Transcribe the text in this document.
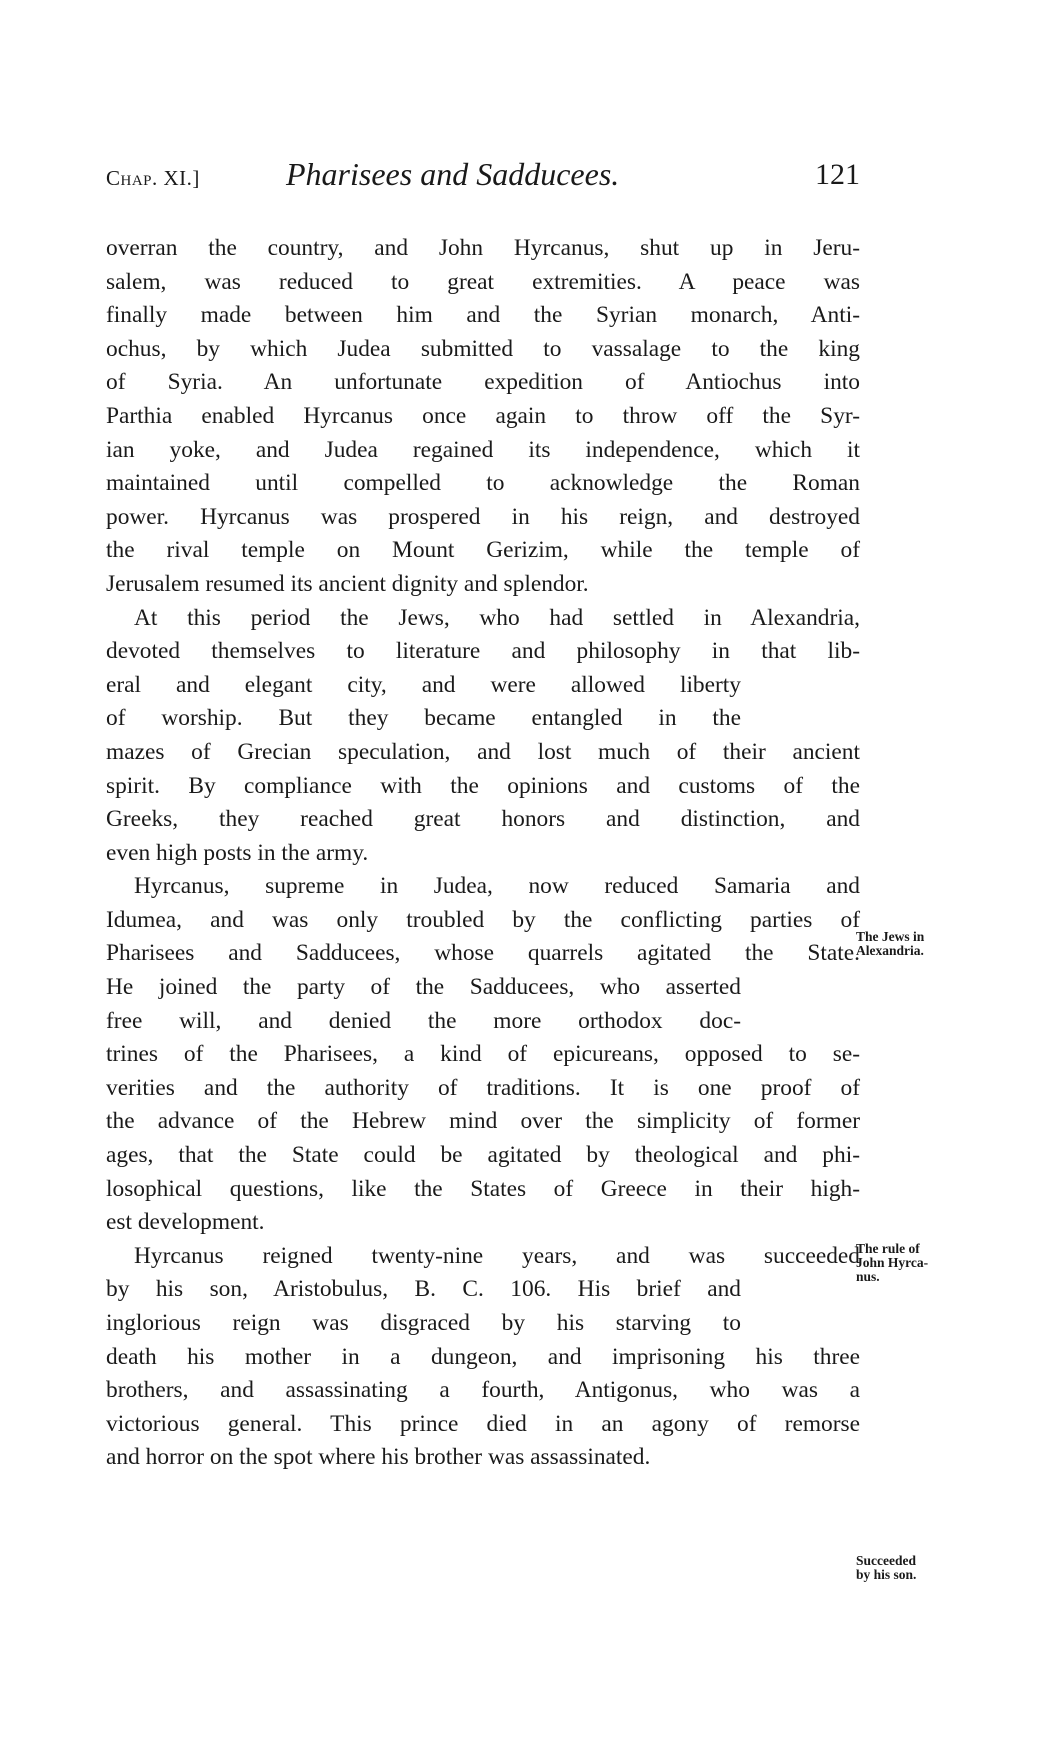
Chap. XI.]	Pharisees and Sadducees.	121
overran the country, and John Hyrcanus, shut up in Jeru-
salem, was reduced to great extremities. A peace was
finally made between him and the Syrian monarch, Anti-
ochus, by which Judea submitted to vassalage to the king
of Syria. An unfortunate expedition of Antiochus into
Parthia enabled Hyrcanus once again to throw off the Syr-
ian yoke, and Judea regained its independence, which it
maintained until compelled to acknowledge the Roman
power. Hyrcanus was prospered in his reign, and destroyed
the rival temple on Mount Gerizim, while the temple of
Jerusalem resumed its ancient dignity and splendor.
At this period the Jews, who had settled in Alexandria,
devoted themselves to literature and philosophy in that lib-
eral and elegant city, and were allowed liberty
of worship. But they became entangled in the
mazes of Grecian speculation, and lost much of their ancient
spirit. By compliance with the opinions and customs of the
Greeks, they reached great honors and distinction, and
even high posts in the army.
Hyrcanus, supreme in Judea, now reduced Samaria and
Idumea, and was only troubled by the conflicting parties of
Pharisees and Sadducees, whose quarrels agitated the State.
He joined the party of the Sadducees, who asserted
free will, and denied the more orthodox doc-
trines of the Pharisees, a kind of epicureans, opposed to se-
verities and the authority of traditions. It is one proof of
the advance of the Hebrew mind over the simplicity of former
ages, that the State could be agitated by theological and phi-
losophical questions, like the States of Greece in their high-
est development.
Hyrcanus reigned twenty-nine years, and was succeeded
by his son, Aristobulus, B. C. 106. His brief and
inglorious reign was disgraced by his starving to
death his mother in a dungeon, and imprisoning his three
brothers, and assassinating a fourth, Antigonus, who was a
victorious general. This prince died in an agony of remorse
and horror on the spot where his brother was assassinated.
The Jews in
Alexandria.
The rule of
John Hyrca-
nus.
Succeeded
by his son.
